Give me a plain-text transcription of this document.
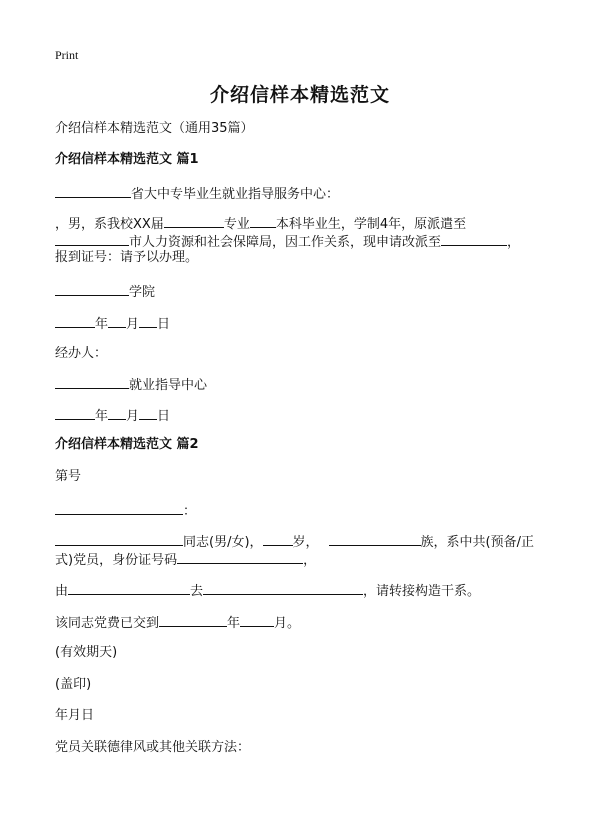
Print
介绍信样本精选范文
介绍信样本精选范文（通用35篇）
介绍信样本精选范文 篇1
省大中专毕业生就业指导服务中心：
，男，系我校XX届	专业 本科毕业生，学制4年，原派遣至
市人力资源和社会保障局，因工作关系，现申请改派至	，
报到证号：请予以办理。
学院
年 月 日
经办人：
就业指导中心
年 月 日
介绍信样本精选范文 篇2
第号
：
同志(男/女)， 岁，	族，系中共(预备/正
式)党员，身份证号码	，
由	去	，请转接构造干系。
该同志党费已交到	年	月。
(有效期天)
(盖印)
年月日
党员关联德律风或其他关联方法：
